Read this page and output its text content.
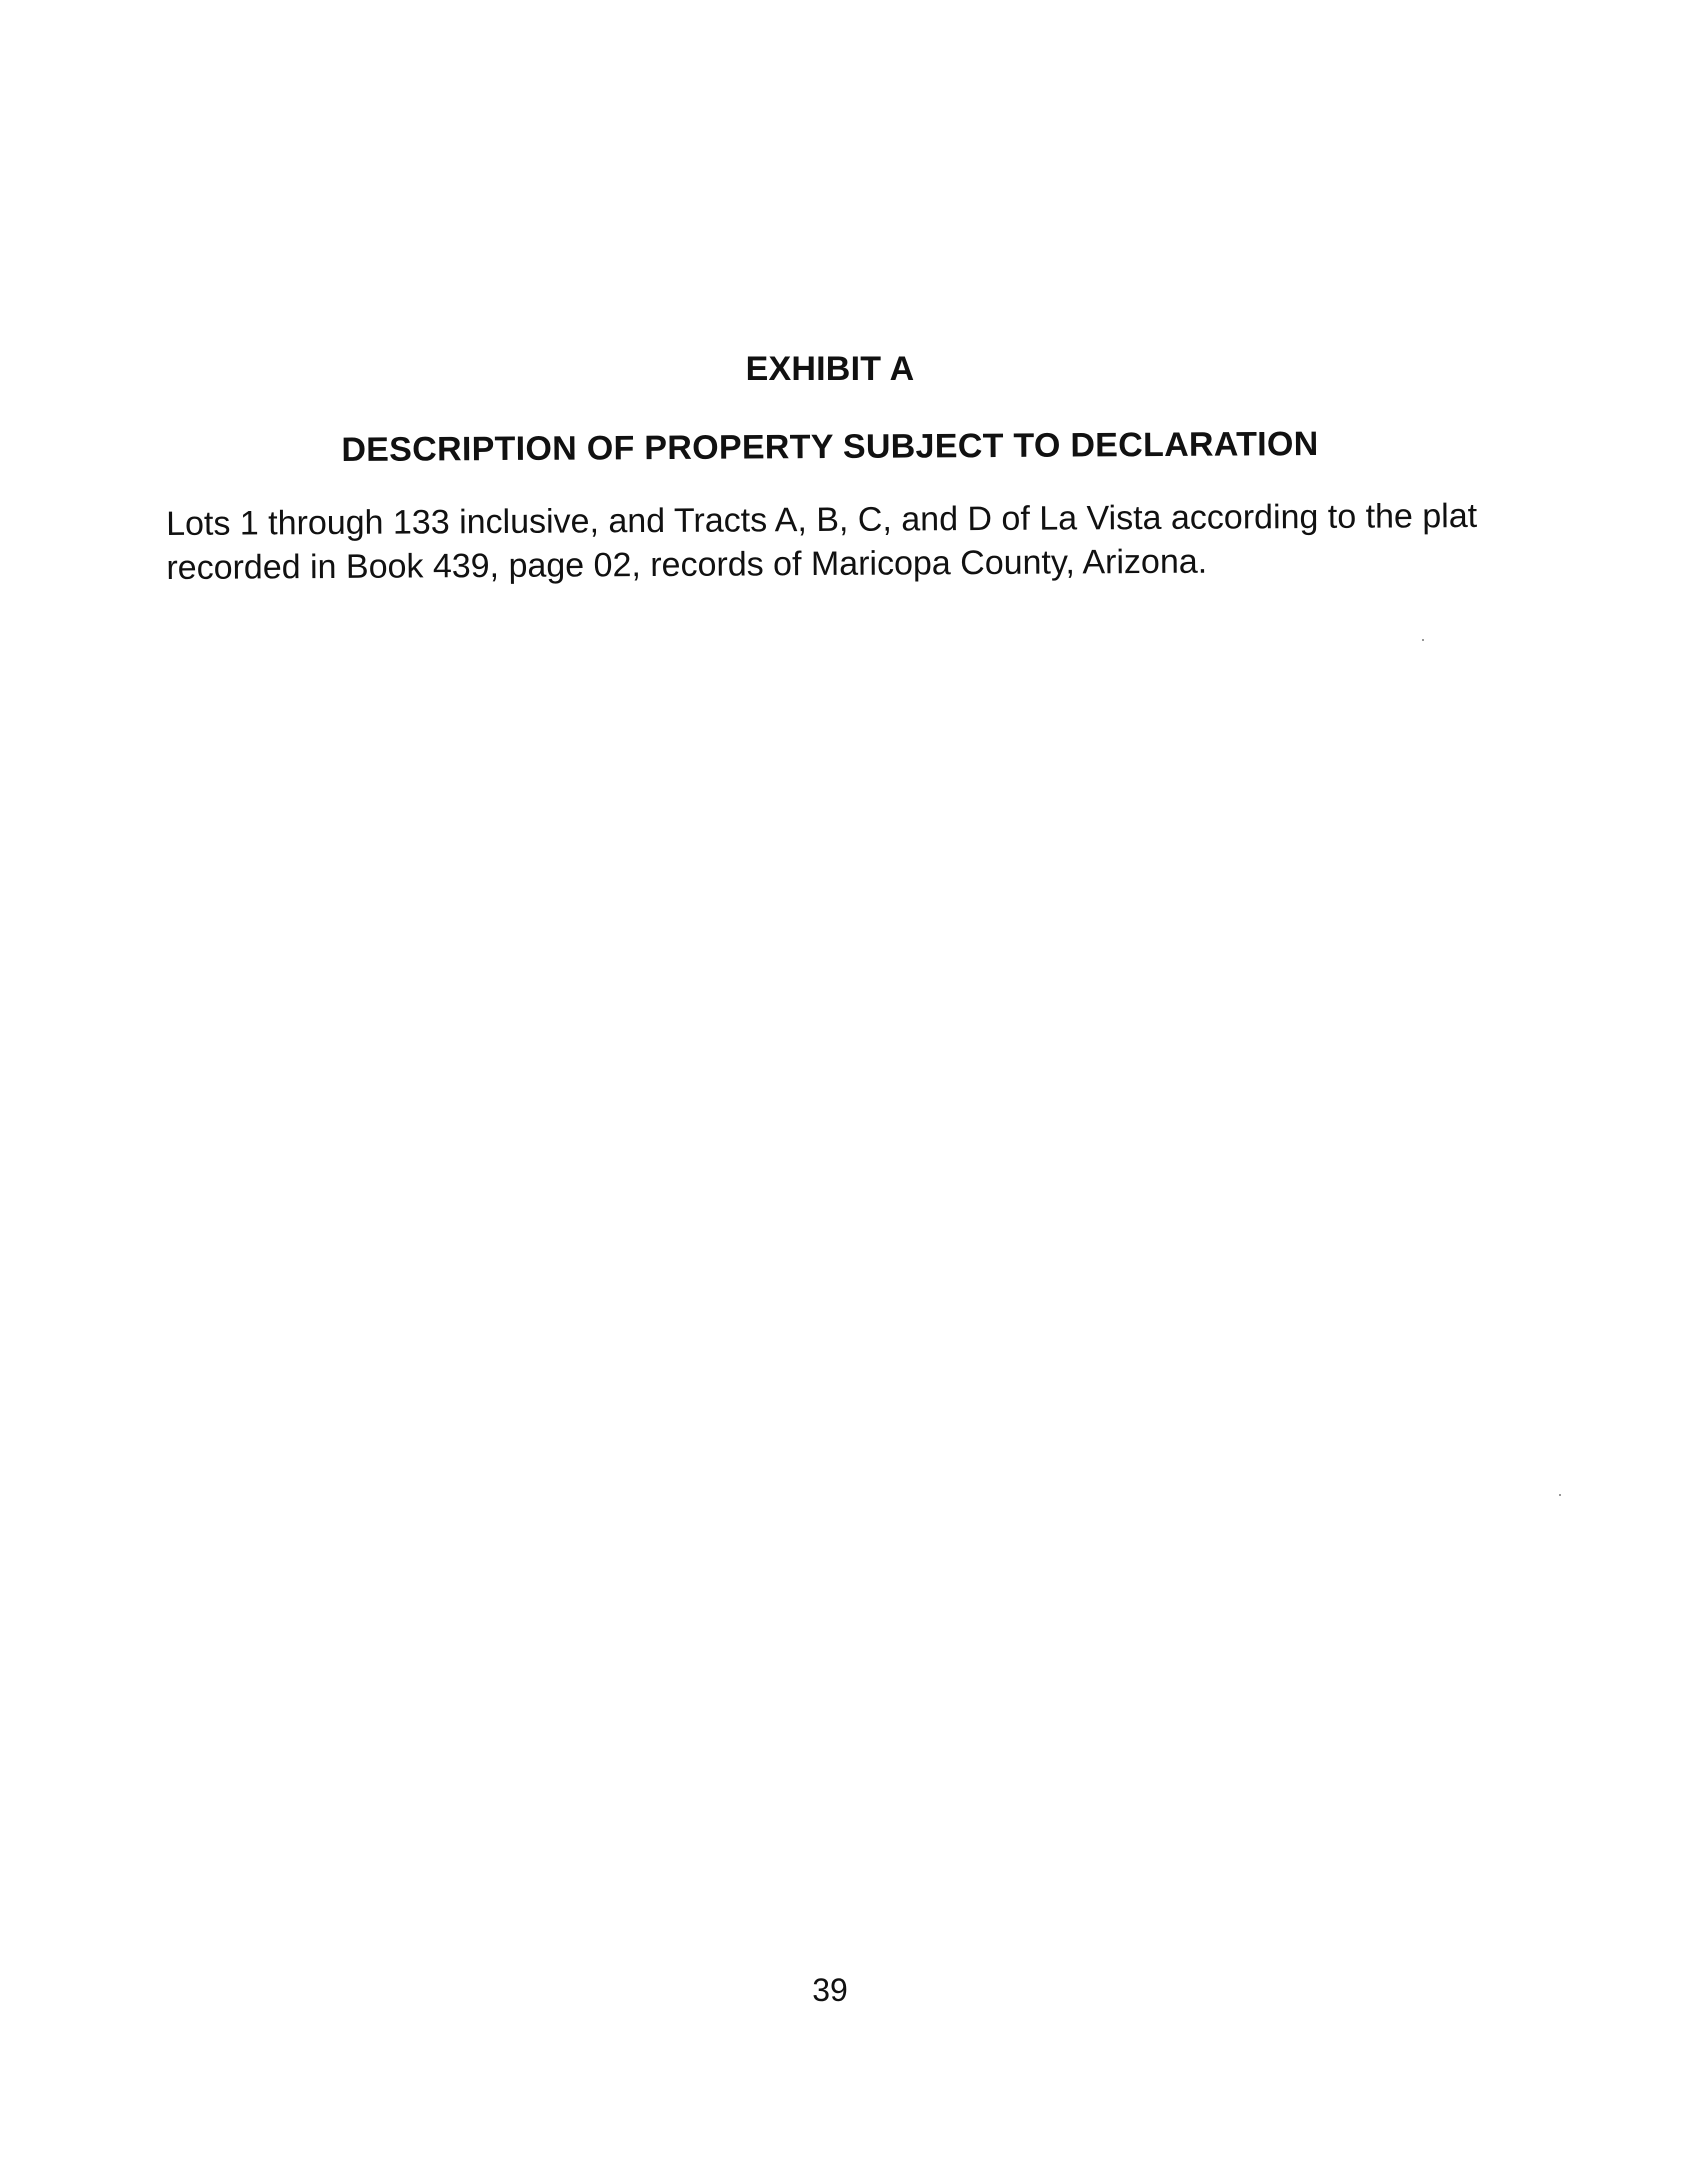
EXHIBIT A
DESCRIPTION OF PROPERTY SUBJECT TO DECLARATION
Lots 1 through 133 inclusive, and Tracts A, B, C, and D of La Vista according to the plat
recorded in Book 439, page 02, records of Maricopa County, Arizona.
39
